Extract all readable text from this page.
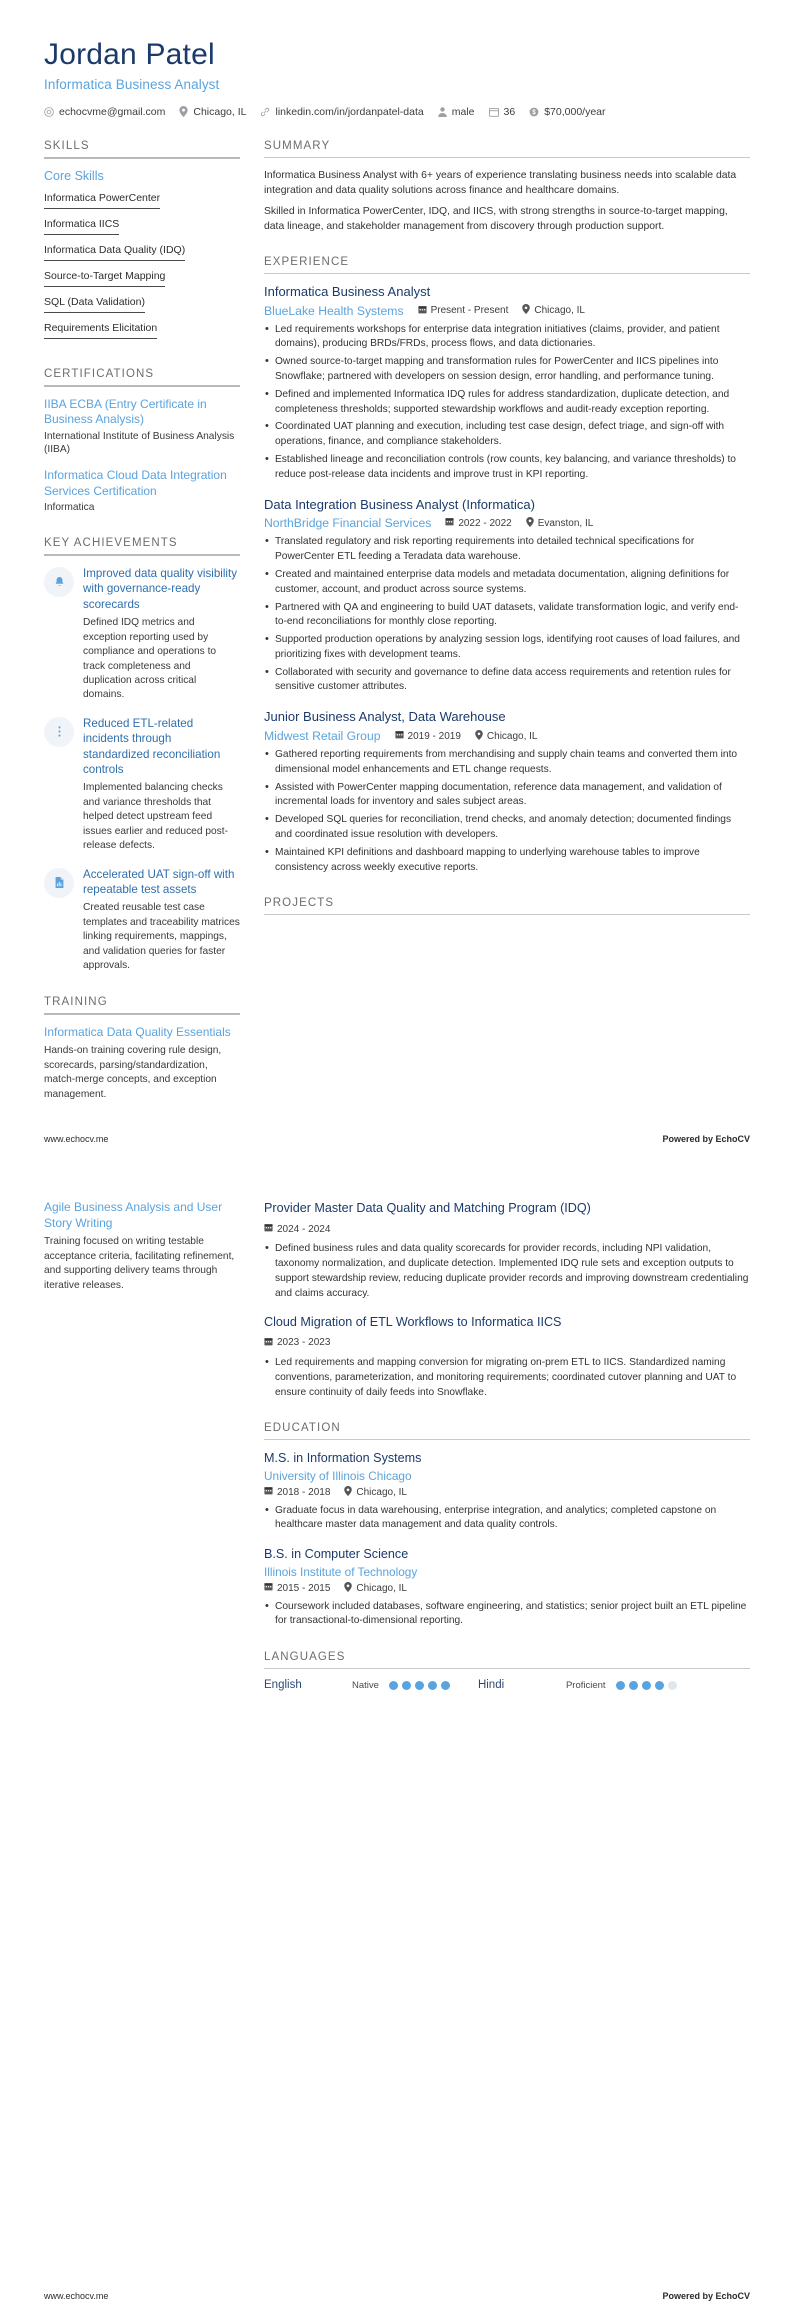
Jordan Patel
Informatica Business Analyst
echocvme@gmail.com	Chicago, IL	linkedin.com/in/jordanpatel-data	male	36	$70,000/year
SKILLS
Core Skills
Informatica PowerCenter
Informatica IICS
Informatica Data Quality (IDQ)
Source-to-Target Mapping
SQL (Data Validation)
Requirements Elicitation
CERTIFICATIONS
IIBA ECBA (Entry Certificate in Business Analysis)
International Institute of Business Analysis (IIBA)
Informatica Cloud Data Integration Services Certification
Informatica
KEY ACHIEVEMENTS
Improved data quality visibility with governance-ready scorecards
Defined IDQ metrics and exception reporting used by compliance and operations to track completeness and duplication across critical domains.
Reduced ETL-related incidents through standardized reconciliation controls
Implemented balancing checks and variance thresholds that helped detect upstream feed issues earlier and reduced post-release defects.
Accelerated UAT sign-off with repeatable test assets
Created reusable test case templates and traceability matrices linking requirements, mappings, and validation queries for faster approvals.
TRAINING
Informatica Data Quality Essentials
Hands-on training covering rule design, scorecards, parsing/standardization, match-merge concepts, and exception management.
SUMMARY

Informatica Business Analyst with 6+ years of experience translating business needs into scalable data integration and data quality solutions across finance and healthcare domains.

Skilled in Informatica PowerCenter, IDQ, and IICS, with strong strengths in source-to-target mapping, data lineage, and stakeholder management from discovery through production support.

EXPERIENCE
Informatica Business Analyst
BlueLake Health Systems	Present - Present	Chicago, IL
• Led requirements workshops for enterprise data integration initiatives (claims, provider, and patient domains), producing BRDs/FRDs, process flows, and data dictionaries.
• Owned source-to-target mapping and transformation rules for PowerCenter and IICS pipelines into Snowflake; partnered with developers on session design, error handling, and performance tuning.
• Defined and implemented Informatica IDQ rules for address standardization, duplicate detection, and completeness thresholds; supported stewardship workflows and audit-ready exception reporting.
• Coordinated UAT planning and execution, including test case design, defect triage, and sign-off with operations, finance, and compliance stakeholders.
• Established lineage and reconciliation controls (row counts, key balancing, and variance thresholds) to reduce post-release data incidents and improve trust in KPI reporting.
Data Integration Business Analyst (Informatica)
NorthBridge Financial Services	2022 - 2022	Evanston, IL
• Translated regulatory and risk reporting requirements into detailed technical specifications for PowerCenter ETL feeding a Teradata data warehouse.
• Created and maintained enterprise data models and metadata documentation, aligning definitions for customer, account, and product across source systems.
• Partnered with QA and engineering to build UAT datasets, validate transformation logic, and verify end-to-end reconciliations for monthly close reporting.
• Supported production operations by analyzing session logs, identifying root causes of load failures, and prioritizing fixes with development teams.
• Collaborated with security and governance to define data access requirements and retention rules for sensitive customer attributes.
Junior Business Analyst, Data Warehouse
Midwest Retail Group	2019 - 2019	Chicago, IL
• Gathered reporting requirements from merchandising and supply chain teams and converted them into dimensional model enhancements and ETL change requests.
• Assisted with PowerCenter mapping documentation, reference data management, and validation of incremental loads for inventory and sales subject areas.
• Developed SQL queries for reconciliation, trend checks, and anomaly detection; documented findings and coordinated issue resolution with developers.
• Maintained KPI definitions and dashboard mapping to underlying warehouse tables to improve consistency across weekly executive reports.
PROJECTS
www.echocv.me	Powered by EchoCV
Agile Business Analysis and User Story Writing
Training focused on writing testable acceptance criteria, facilitating refinement, and supporting delivery teams through iterative releases.
Provider Master Data Quality and Matching Program (IDQ)
2024 - 2024
• Defined business rules and data quality scorecards for provider records, including NPI validation, taxonomy normalization, and duplicate detection. Implemented IDQ rule sets and exception outputs to support stewardship review, reducing duplicate provider records and improving downstream credentialing and claims accuracy.
Cloud Migration of ETL Workflows to Informatica IICS
2023 - 2023
• Led requirements and mapping conversion for migrating on-prem ETL to IICS. Standardized naming conventions, parameterization, and monitoring requirements; coordinated cutover planning and UAT to ensure continuity of daily feeds into Snowflake.
EDUCATION
M.S. in Information Systems
University of Illinois Chicago
2018 - 2018	Chicago, IL
• Graduate focus in data warehousing, enterprise integration, and analytics; completed capstone on healthcare master data management and data quality controls.
B.S. in Computer Science
Illinois Institute of Technology
2015 - 2015	Chicago, IL
• Coursework included databases, software engineering, and statistics; senior project built an ETL pipeline for transactional-to-dimensional reporting.
LANGUAGES
English	Native	Hindi	Proficient
www.echocv.me	Powered by EchoCV
